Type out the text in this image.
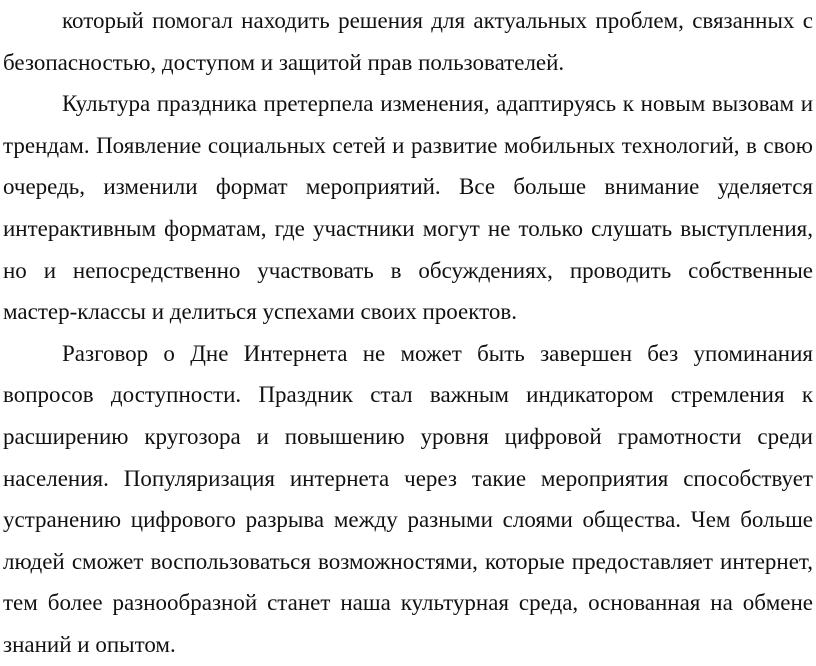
который помогал находить решения для актуальных проблем, связанных с безопасностью, доступом и защитой прав пользователей.

Культура праздника претерпела изменения, адаптируясь к новым вызовам и трендам. Появление социальных сетей и развитие мобильных технологий, в свою очередь, изменили формат мероприятий. Все больше внимание уделяется интерактивным форматам, где участники могут не только слушать выступления, но и непосредственно участвовать в обсуждениях, проводить собственные мастер-классы и делиться успехами своих проектов.

Разговор о Дне Интернета не может быть завершен без упоминания вопросов доступности. Праздник стал важным индикатором стремления к расширению кругозора и повышению уровня цифровой грамотности среди населения. Популяризация интернета через такие мероприятия способствует устранению цифрового разрыва между разными слоями общества. Чем больше людей сможет воспользоваться возможностями, которые предоставляет интернет, тем более разнообразной станет наша культурная среда, основанная на обмене знаний и опытом.
